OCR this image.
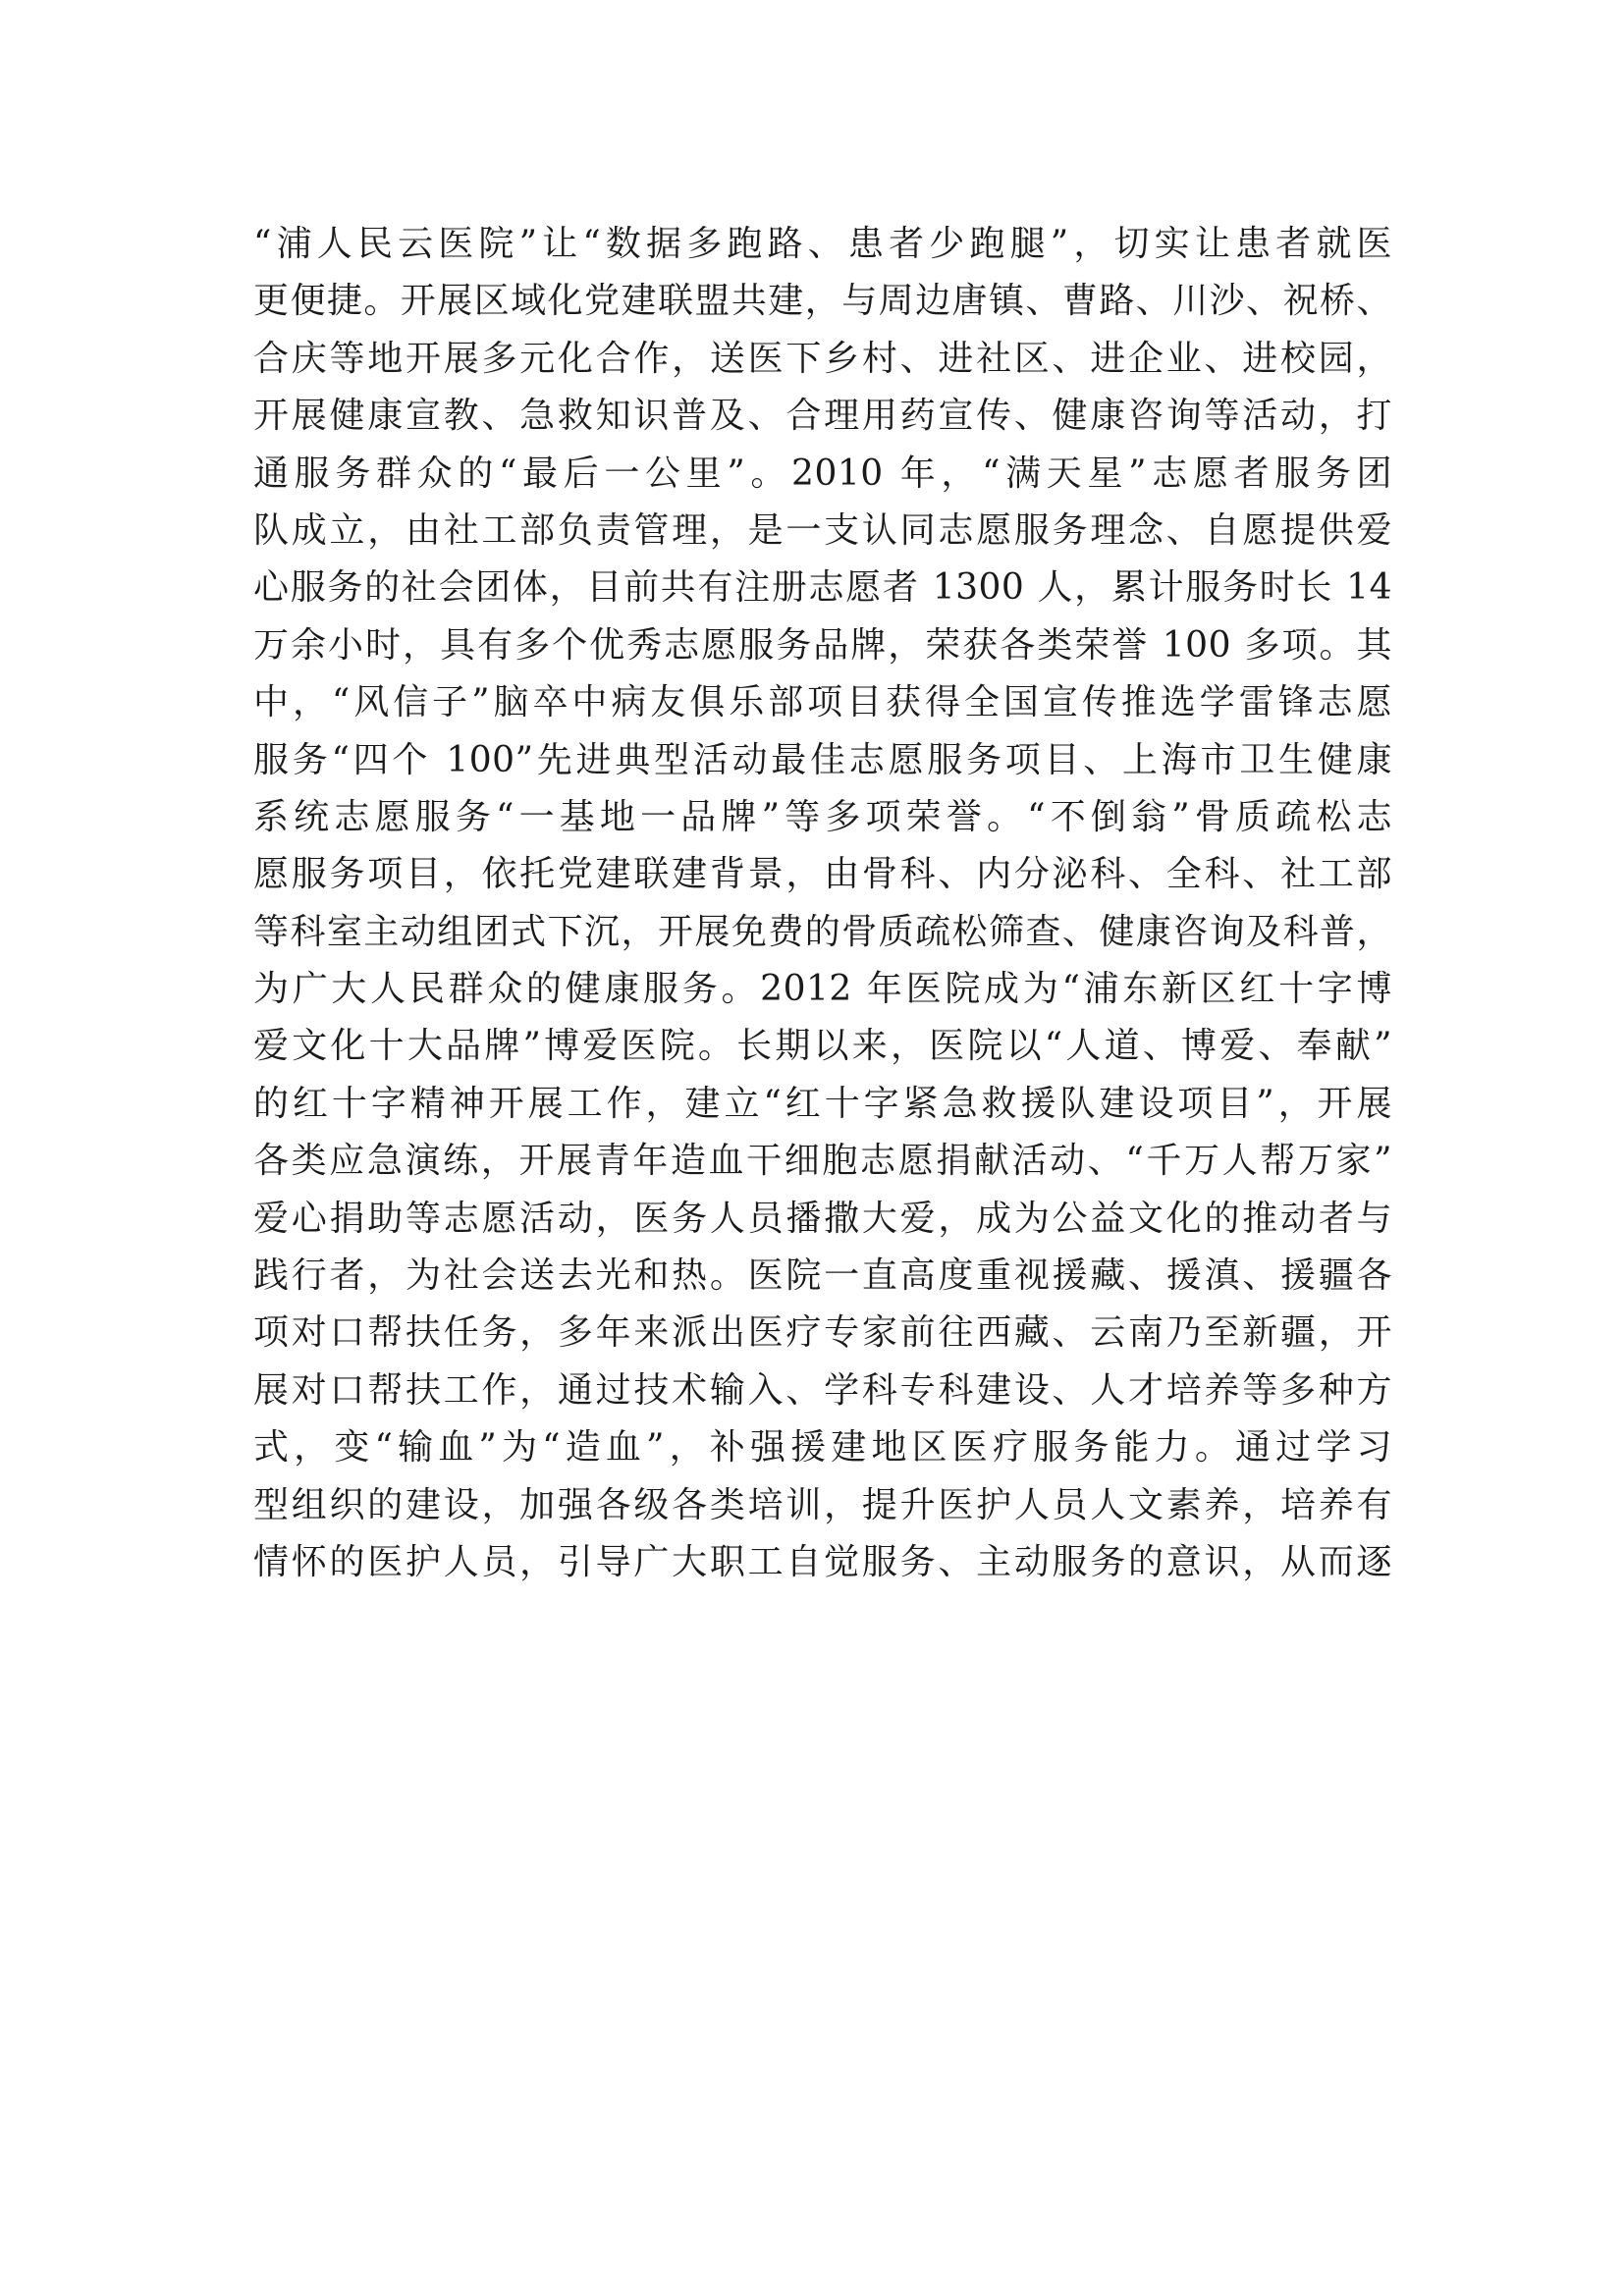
“浦人民云医院”让“数据多跑路、患者少跑腿”，切实让患者就医
更便捷。开展区域化党建联盟共建，与周边唐镇、曹路、川沙、祝桥、
合庆等地开展多元化合作，送医下乡村、进社区、进企业、进校园，
开展健康宣教、急救知识普及、合理用药宣传、健康咨询等活动，打
通服务群众的“最后一公里”。2010 年，“满天星”志愿者服务团
队成立，由社工部负责管理，是一支认同志愿服务理念、自愿提供爱
心服务的社会团体，目前共有注册志愿者 1300 人，累计服务时长 14
万余小时，具有多个优秀志愿服务品牌，荣获各类荣誉 100 多项。其
中，“风信子”脑卒中病友俱乐部项目获得全国宣传推选学雷锋志愿
服务“四个 100”先进典型活动最佳志愿服务项目、上海市卫生健康
系统志愿服务“一基地一品牌”等多项荣誉。“不倒翁”骨质疏松志
愿服务项目，依托党建联建背景，由骨科、内分泌科、全科、社工部
等科室主动组团式下沉，开展免费的骨质疏松筛查、健康咨询及科普，
为广大人民群众的健康服务。2012 年医院成为“浦东新区红十字博
爱文化十大品牌”博爱医院。长期以来，医院以“人道、博爱、奉献”
的红十字精神开展工作，建立“红十字紧急救援队建设项目”，开展
各类应急演练，开展青年造血干细胞志愿捐献活动、“千万人帮万家”
爱心捐助等志愿活动，医务人员播撒大爱，成为公益文化的推动者与
践行者，为社会送去光和热。医院一直高度重视援藏、援滇、援疆各
项对口帮扶任务，多年来派出医疗专家前往西藏、云南乃至新疆，开
展对口帮扶工作，通过技术输入、学科专科建设、人才培养等多种方
式，变“输血”为“造血”，补强援建地区医疗服务能力。通过学习
型组织的建设，加强各级各类培训，提升医护人员人文素养，培养有
情怀的医护人员，引导广大职工自觉服务、主动服务的意识，从而逐
